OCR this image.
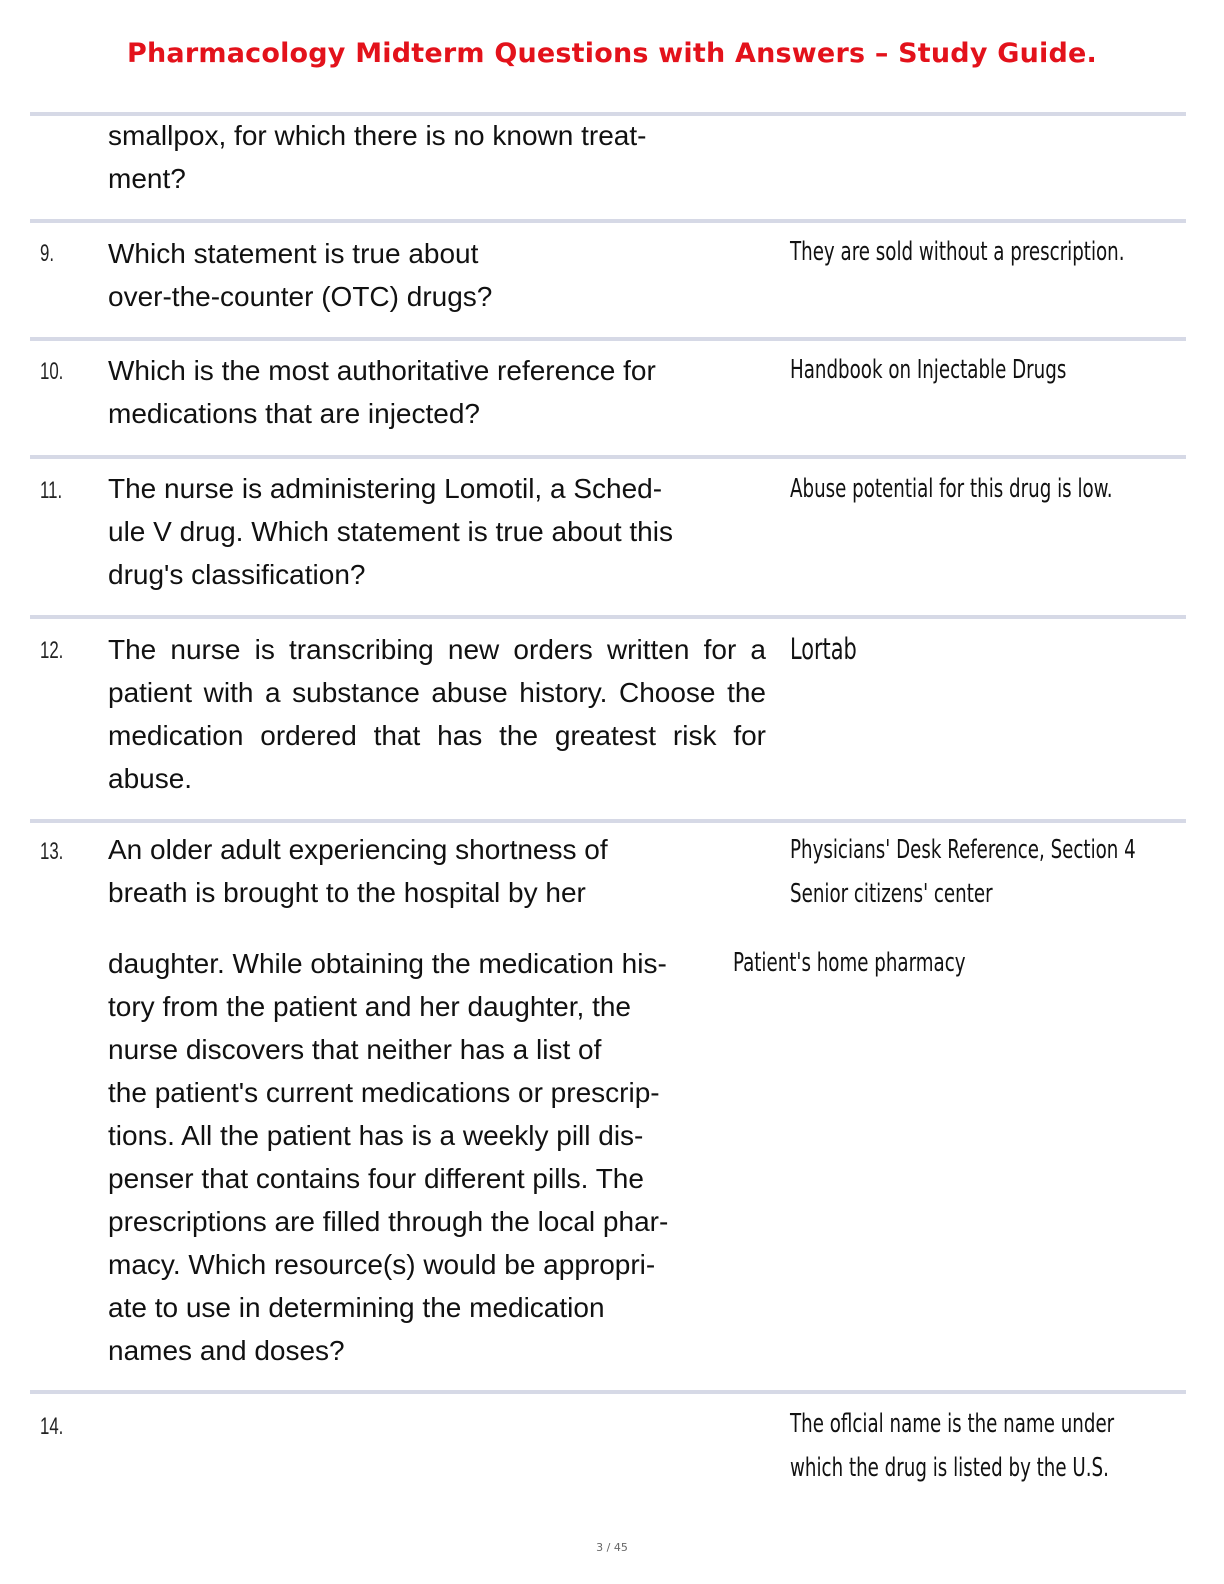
Pharmacology Midterm Questions with Answers – Study Guide.

smallpox, for which there is no known treat-
ment?

9. Which statement is true about
over-the-counter (OTC) drugs?

They are sold without a prescription.

10. Which is the most authoritative reference for
medications that are injected?

Handbook on Injectable Drugs

11. The nurse is administering Lomotil, a Sched-
ule V drug. Which statement is true about this
drug's classification?

Abuse potential for this drug is low.

12. The nurse is transcribing new orders written for a patient with a substance abuse history. Choose the medication ordered that has the greatest risk for abuse.

Lortab

13. An older adult experiencing shortness of
breath is brought to the hospital by her

Physicians' Desk Reference, Section 4

Senior citizens' center

daughter. While obtaining the medication his-
tory from the patient and her daughter, the
nurse discovers that neither has a list of
the patient's current medications or prescrip-
tions. All the patient has is a weekly pill dis-
penser that contains four different pills. The
prescriptions are filled through the local phar-
macy. Which resource(s) would be appropri-
ate to use in determining the medication
names and doses?

Patient's home pharmacy

14.	The oflcial name is the name under
which the drug is listed by the U.S.

3 / 45
